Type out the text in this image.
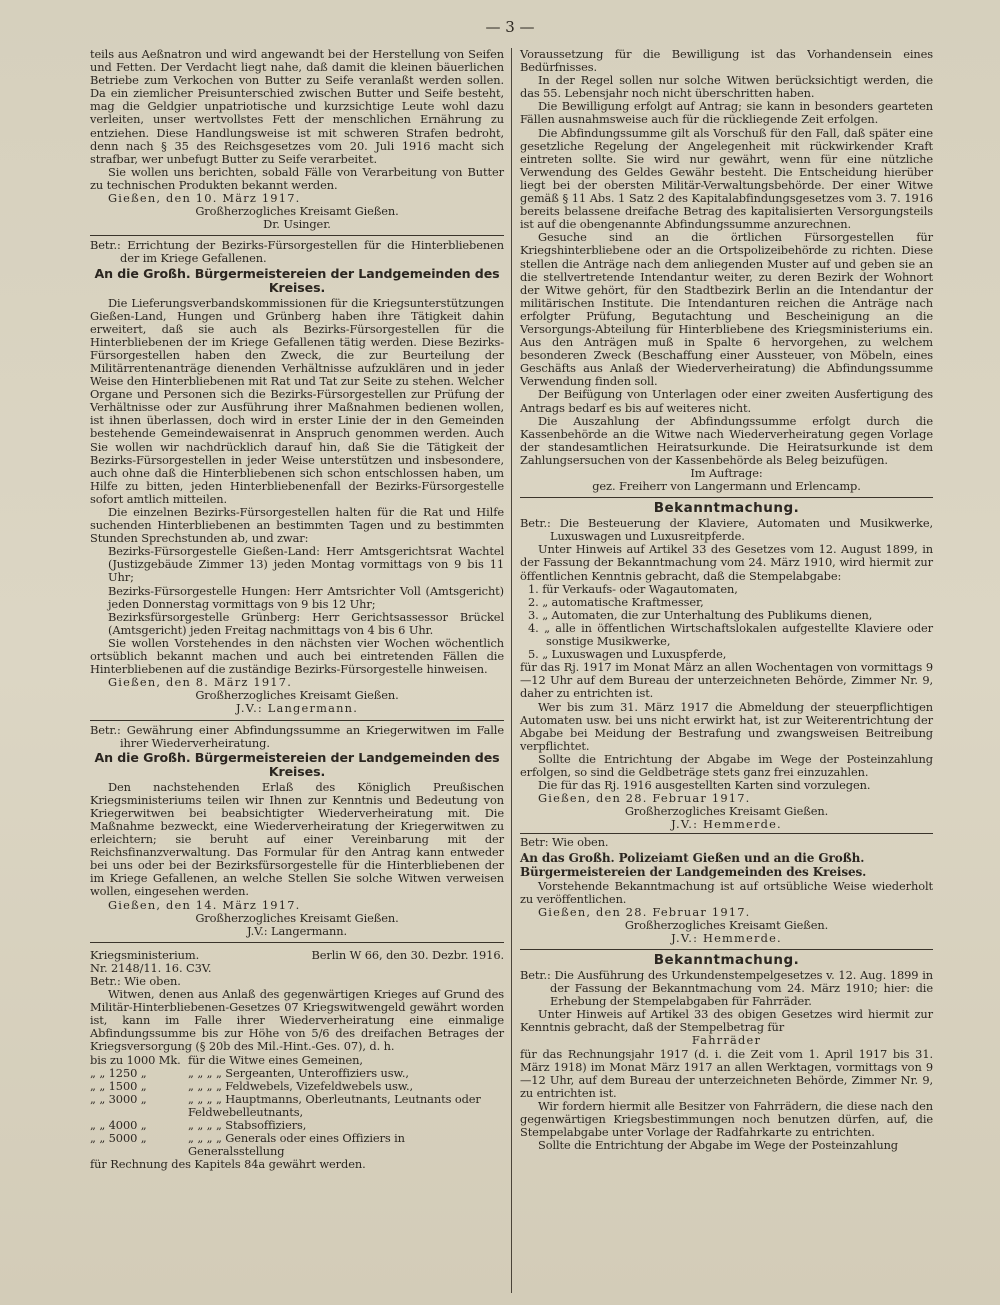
— 3 —

teils aus Aeßnatron und wird angewandt bei der Herstellung von Seifen und Fetten. Der Verdacht liegt nahe, daß damit die kleinen bäuerlichen Betriebe zum Verkochen von Butter zu Seife veranlaßt werden sollen. Da ein ziemlicher Preisunterschied zwischen Butter und Seife besteht, mag die Geldgier unpatriotische und kurzsichtige Leute wohl dazu verleiten, unser wertvollstes Fett der menschlichen Ernährung zu entziehen. Diese Handlungsweise ist mit schweren Strafen bedroht, denn nach § 35 des Reichsgesetzes vom 20. Juli 1916 macht sich strafbar, wer unbefugt Butter zu Seife verarbeitet.

Sie wollen uns berichten, sobald Fälle von Verarbeitung von Butter zu technischen Produkten bekannt werden.

Gießen, den 10. März 1917.

Großherzogliches Kreisamt Gießen.

Dr. Usinger.

Betr.: Errichtung der Bezirks-Fürsorgestellen für die Hinterbliebenen der im Kriege Gefallenen.

An die Großh. Bürgermeistereien der Landgemeinden des Kreises.

Die Lieferungsverbandskommissionen für die Kriegsunterstützungen Gießen-Land, Hungen und Grünberg haben ihre Tätigkeit dahin erweitert, daß sie auch als Bezirks-Fürsorgestellen für die Hinterbliebenen der im Kriege Gefallenen tätig werden. Diese Bezirks-Fürsorgestellen haben den Zweck, die zur Beurteilung der Militärrentenanträge dienenden Verhältnisse aufzuklären und in jeder Weise den Hinterbliebenen mit Rat und Tat zur Seite zu stehen. Welcher Organe und Personen sich die Bezirks-Fürsorgestellen zur Prüfung der Verhältnisse oder zur Ausführung ihrer Maßnahmen bedienen wollen, ist ihnen überlassen, doch wird in erster Linie der in den Gemeinden bestehende Gemeindewaisenrat in Anspruch genommen werden. Auch Sie wollen wir nachdrücklich darauf hin, daß Sie die Tätigkeit der Bezirks-Fürsorgestellen in jeder Weise unterstützen und insbesondere, auch ohne daß die Hinterbliebenen sich schon entschlossen haben, um Hilfe zu bitten, jeden Hinterbliebenenfall der Bezirks-Fürsorgestelle sofort amtlich mitteilen.

Die einzelnen Bezirks-Fürsorgestellen halten für die Rat und Hilfe suchenden Hinterbliebenen an bestimmten Tagen und zu bestimmten Stunden Sprechstunden ab, und zwar:

Bezirks-Fürsorgestelle Gießen-Land: Herr Amtsgerichtsrat Wachtel (Justizgebäude Zimmer 13) jeden Montag vormittags von 9 bis 11 Uhr;

Bezirks-Fürsorgestelle Hungen: Herr Amtsrichter Voll (Amtsgericht) jeden Donnerstag vormittags von 9 bis 12 Uhr;

Bezirksfürsorgestelle Grünberg: Herr Gerichtsassessor Brückel (Amtsgericht) jeden Freitag nachmittags von 4 bis 6 Uhr.

Sie wollen Vorstehendes in den nächsten vier Wochen wöchentlich ortsüblich bekannt machen und auch bei eintretenden Fällen die Hinterbliebenen auf die zuständige Bezirks-Fürsorgestelle hinweisen.

Gießen, den 8. März 1917.

Großherzogliches Kreisamt Gießen.

J.V.: Langermann.

Betr.: Gewährung einer Abfindungssumme an Kriegerwitwen im Falle ihrer Wiederverheiratung.

An die Großh. Bürgermeistereien der Landgemeinden des Kreises.

Den nachstehenden Erlaß des Königlich Preußischen Kriegsministeriums teilen wir Ihnen zur Kenntnis und Bedeutung von Kriegerwitwen bei beabsichtigter Wiederverheiratung mit. Die Maßnahme bezweckt, eine Wiederverheiratung der Kriegerwitwen zu erleichtern; sie beruht auf einer Vereinbarung mit der Reichsfinanzverwaltung. Das Formular für den Antrag kann entweder bei uns oder bei der Bezirksfürsorgestelle für die Hinterbliebenen der im Kriege Gefallenen, an welche Stellen Sie solche Witwen verweisen wollen, eingesehen werden.

Gießen, den 14. März 1917.

Großherzogliches Kreisamt Gießen.

J.V.: Langermann.

Kriegsministerium.	Berlin W 66, den 30. Dezbr. 1916.

Nr. 2148/11. 16. C3V.

Betr.: Wie oben.

Witwen, denen aus Anlaß des gegenwärtigen Krieges auf Grund des Militär-Hinterbliebenen-Gesetzes 07 Kriegswitwengeld gewährt worden ist, kann im Falle ihrer Wiederverheiratung eine einmalige Abfindungssumme bis zur Höhe von 5/6 des dreifachen Betrages der Kriegsversorgung (§ 20b des Mil.-Hint.-Ges. 07), d. h.

bis zu 1000 Mk. für die Witwe eines Gemeinen,
„ „ 1250 „	„ „ „ „ Sergeanten, Unteroffiziers usw.,
„ „ 1500 „	„ „ „ „ Feldwebels, Vizefeldwebels usw.,
„ „ 3000 „	„ „ „ „ Hauptmanns, Oberleutnants, Leutnants oder Feldwebelleutnants,
„ „ 4000 „	„ „ „ „ Stabsoffiziers,
„ „ 5000 „	„ „ „ „ Generals oder eines Offiziers in Generalsstellung

für Rechnung des Kapitels 84a gewährt werden.

Voraussetzung für die Bewilligung ist das Vorhandensein eines Bedürfnisses.

In der Regel sollen nur solche Witwen berücksichtigt werden, die das 55. Lebensjahr noch nicht überschritten haben.

Die Bewilligung erfolgt auf Antrag; sie kann in besonders gearteten Fällen ausnahmsweise auch für die rückliegende Zeit erfolgen.

Die Abfindungssumme gilt als Vorschuß für den Fall, daß später eine gesetzliche Regelung der Angelegenheit mit rückwirkender Kraft eintreten sollte. Sie wird nur gewährt, wenn für eine nützliche Verwendung des Geldes Gewähr besteht. Die Entscheidung hierüber liegt bei der obersten Militär-Verwaltungsbehörde. Der einer Witwe gemäß § 11 Abs. 1 Satz 2 des Kapitalabfindungsgesetzes vom 3. 7. 1916 bereits belassene dreifache Betrag des kapitalisierten Versorgungsteils ist auf die obengenannte Abfindungssumme anzurechnen.

Gesuche sind an die örtlichen Fürsorgestellen für Kriegshinterbliebene oder an die Ortspolizeibehörde zu richten. Diese stellen die Anträge nach dem anliegenden Muster auf und geben sie an die stellvertretende Intendantur weiter, zu deren Bezirk der Wohnort der Witwe gehört, für den Stadtbezirk Berlin an die Intendantur der militärischen Institute. Die Intendanturen reichen die Anträge nach erfolgter Prüfung, Begutachtung und Bescheinigung an die Versorgungs-Abteilung für Hinterbliebene des Kriegsministeriums ein. Aus den Anträgen muß in Spalte 6 hervorgehen, zu welchem besonderen Zweck (Beschaffung einer Aussteuer, von Möbeln, eines Geschäfts aus Anlaß der Wiederverheiratung) die Abfindungssumme Verwendung finden soll.

Der Beifügung von Unterlagen oder einer zweiten Ausfertigung des Antrags bedarf es bis auf weiteres nicht.

Die Auszahlung der Abfindungssumme erfolgt durch die Kassenbehörde an die Witwe nach Wiederverheiratung gegen Vorlage der standesamtlichen Heiratsurkunde. Die Heiratsurkunde ist dem Zahlungsersuchen von der Kassenbehörde als Beleg beizufügen.

Im Auftrage:

gez. Freiherr von Langermann und Erlencamp.

Bekanntmachung.

Betr.: Die Besteuerung der Klaviere, Automaten und Musikwerke, Luxuswagen und Luxusreitpferde.

Unter Hinweis auf Artikel 33 des Gesetzes vom 12. August 1899, in der Fassung der Bekanntmachung vom 24. März 1910, wird hiermit zur öffentlichen Kenntnis gebracht, daß die Stempelabgabe:

1. für Verkaufs- oder Wagautomaten,

2. „ automatische Kraftmesser,

3. „ Automaten, die zur Unterhaltung des Publikums dienen,

4. „ alle in öffentlichen Wirtschaftslokalen aufgestellte Klaviere oder sonstige Musikwerke,

5. „ Luxuswagen und Luxuspferde,

für das Rj. 1917 im Monat März an allen Wochentagen von vormittags 9—12 Uhr auf dem Bureau der unterzeichneten Behörde, Zimmer Nr. 9, daher zu entrichten ist.

Wer bis zum 31. März 1917 die Abmeldung der steuerpflichtigen Automaten usw. bei uns nicht erwirkt hat, ist zur Weiterentrichtung der Abgabe bei Meidung der Bestrafung und zwangsweisen Beitreibung verpflichtet.

Sollte die Entrichtung der Abgabe im Wege der Posteinzahlung erfolgen, so sind die Geldbeträge stets ganz frei einzuzahlen.

Die für das Rj. 1916 ausgestellten Karten sind vorzulegen.

Gießen, den 28. Februar 1917.

Großherzogliches Kreisamt Gießen.

J.V.: Hemmerde.

Betr: Wie oben.

An das Großh. Polizeiamt Gießen und an die Großh. Bürgermeistereien der Landgemeinden des Kreises.

Vorstehende Bekanntmachung ist auf ortsübliche Weise wiederholt zu veröffentlichen.

Gießen, den 28. Februar 1917.

Großherzogliches Kreisamt Gießen.

J.V.: Hemmerde.

Bekanntmachung.

Betr.: Die Ausführung des Urkundenstempelgesetzes v. 12. Aug. 1899 in der Fassung der Bekanntmachung vom 24. März 1910; hier: die Erhebung der Stempelabgaben für Fahrräder.

Unter Hinweis auf Artikel 33 des obigen Gesetzes wird hiermit zur Kenntnis gebracht, daß der Stempelbetrag für

Fahrräder

für das Rechnungsjahr 1917 (d. i. die Zeit vom 1. April 1917 bis 31. März 1918) im Monat März 1917 an allen Werktagen, vormittags von 9—12 Uhr, auf dem Bureau der unterzeichneten Behörde, Zimmer Nr. 9, zu entrichten ist.

Wir fordern hiermit alle Besitzer von Fahrrädern, die diese nach den gegenwärtigen Kriegsbestimmungen noch benutzen dürfen, auf, die Stempelabgabe unter Vorlage der Radfahrkarte zu entrichten.

Sollte die Entrichtung der Abgabe im Wege der Posteinzahlung
